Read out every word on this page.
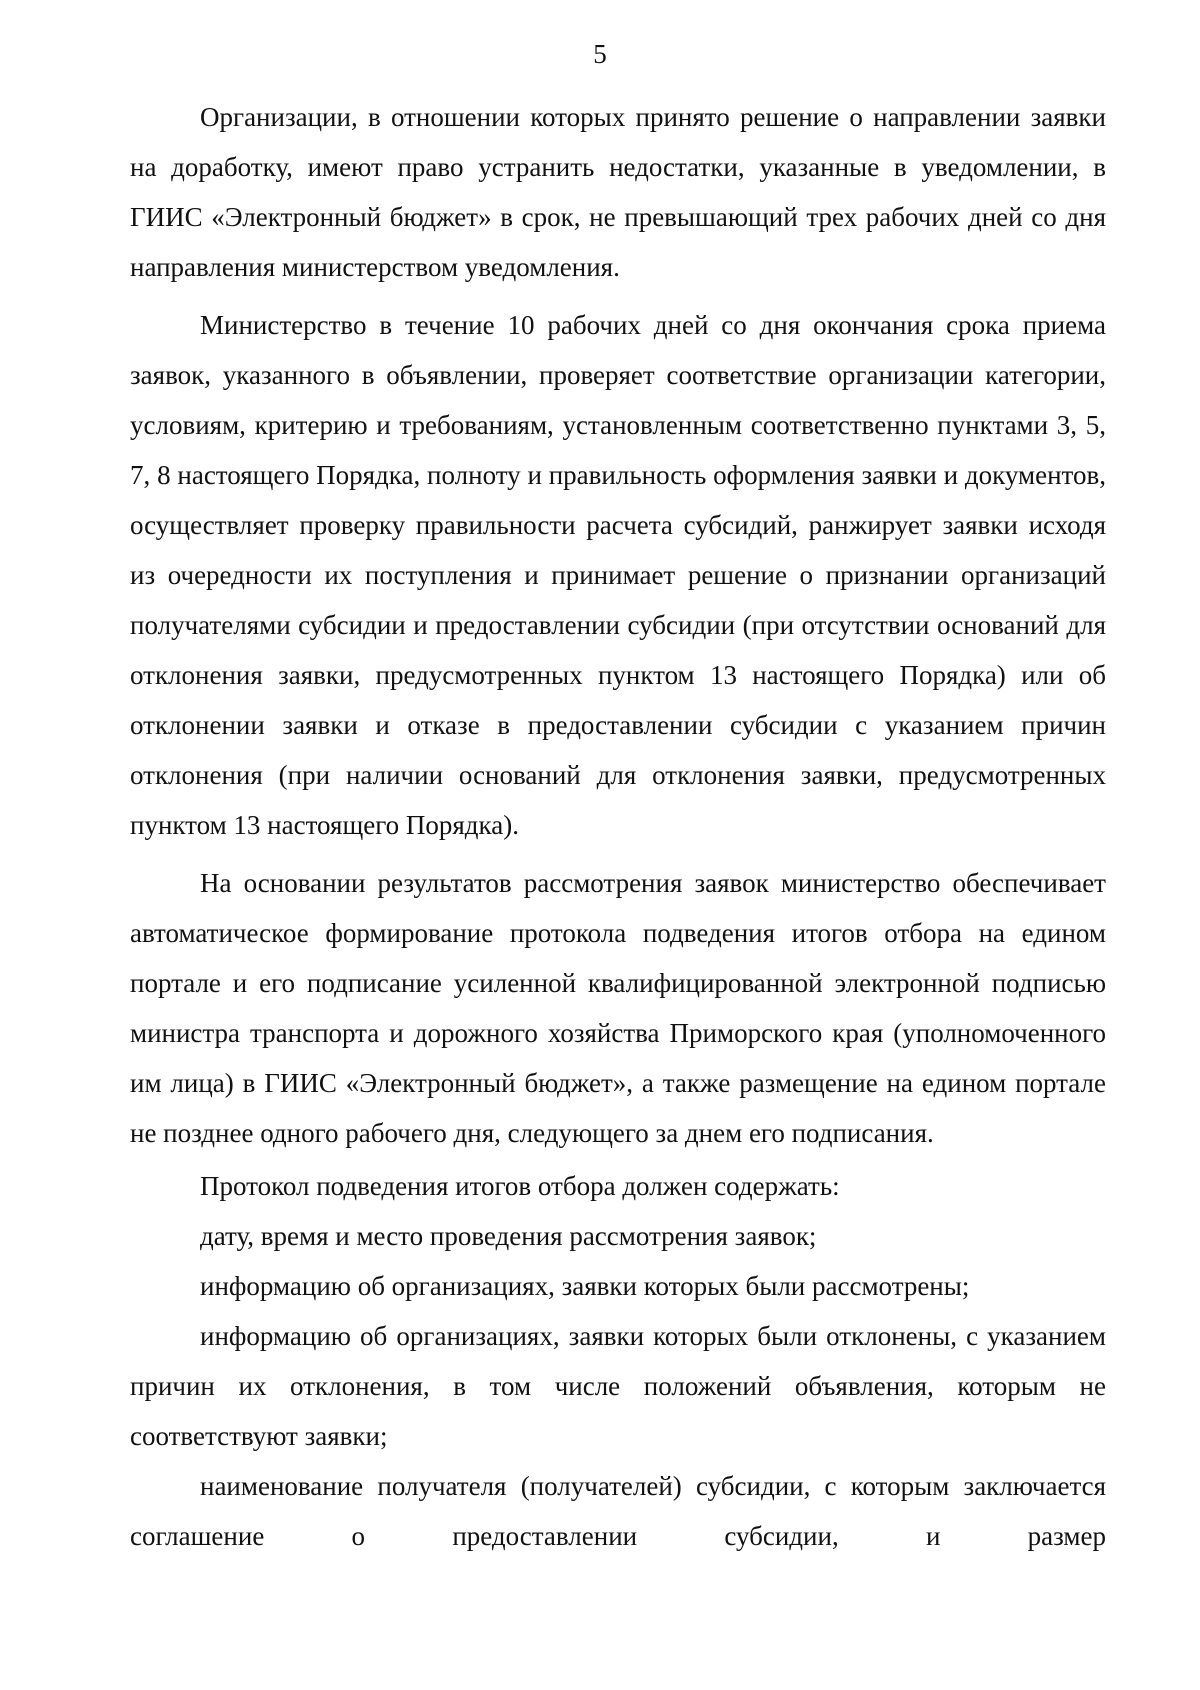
5

Организации, в отношении которых принято решение о направлении заявки на доработку, имеют право устранить недостатки, указанные в уведомлении, в ГИИС «Электронный бюджет» в срок, не превышающий трех рабочих дней со дня направления министерством уведомления.

Министерство в течение 10 рабочих дней со дня окончания срока приема заявок, указанного в объявлении, проверяет соответствие организации категории, условиям, критерию и требованиям, установленным соответственно пунктами 3, 5, 7, 8 настоящего Порядка, полноту и правильность оформления заявки и документов, осуществляет проверку правильности расчета субсидий, ранжирует заявки исходя из очередности их поступления и принимает решение о признании организаций получателями субсидии и предоставлении субсидии (при отсутствии оснований для отклонения заявки, предусмотренных пунктом 13 настоящего Порядка) или об отклонении заявки и отказе в предоставлении субсидии с указанием причин отклонения (при наличии оснований для отклонения заявки, предусмотренных пунктом 13 настоящего Порядка).

На основании результатов рассмотрения заявок министерство обеспечивает автоматическое формирование протокола подведения итогов отбора на едином портале и его подписание усиленной квалифицированной электронной подписью министра транспорта и дорожного хозяйства Приморского края (уполномоченного им лица) в ГИИС «Электронный бюджет», а также размещение на едином портале не позднее одного рабочего дня, следующего за днем его подписания.

Протокол подведения итогов отбора должен содержать:

дату, время и место проведения рассмотрения заявок;

информацию об организациях, заявки которых были рассмотрены;

информацию об организациях, заявки которых были отклонены, с указанием причин их отклонения, в том числе положений объявления, которым не соответствуют заявки;

наименование получателя (получателей) субсидии, с которым заключается соглашение о предоставлении субсидии, и размер
